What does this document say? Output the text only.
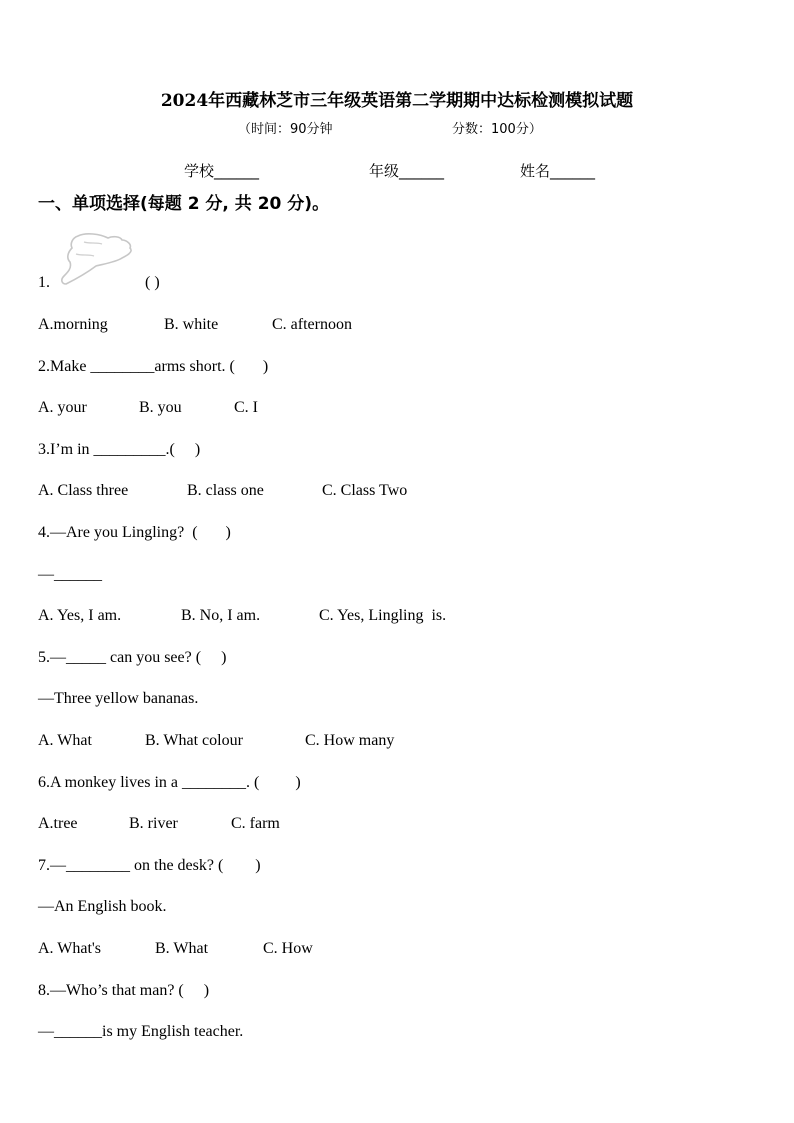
2024年西藏林芝市三年级英语第二学期期中达标检测模拟试题
（时间：90分钟	分数：100分）
学校______	年级______	姓名______
一、单项选择(每题 2 分, 共 20 分)。
1.	( )
A.morning	B. white	C. afternoon
2.Make ________arms short. (       )
A. your	B. you	C. I
3.I’m in _________.(     )
A. Class three	B. class one	C. Class Two
4.—Are you Lingling?  (       )
—______
A. Yes, I am.	B. No, I am.	C. Yes, Lingling  is.
5.—_____ can you see? (     )
—Three yellow bananas.
A. What	B. What colour	C. How many
6.A monkey lives in a ________. (         )
A.tree	B. river	C. farm
7.—________ on the desk? (        )
—An English book.
A. What's	B. What	C. How
8.—Who’s that man? (     )
—______is my English teacher.
